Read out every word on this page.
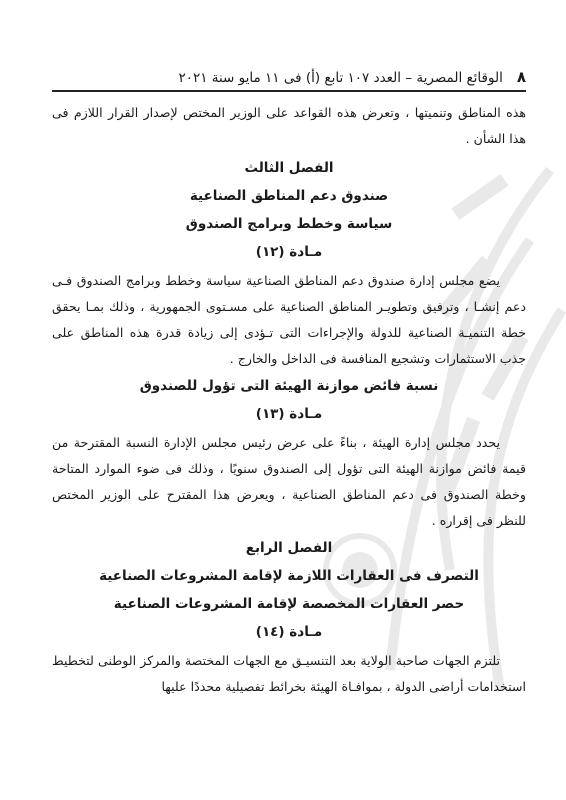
٨
الوقائع المصرية – العدد ١٠٧ تابع (أ) فى ١١ مايو سنة ٢٠٢١

هذه المناطق وتنميتها ، وتعرض هذه القواعد على الوزير المختص لإصدار القرار اللازم فى هذا الشأن .

الفصل الثالث

صندوق دعم المناطق الصناعية

سياسة وخطط وبرامج الصندوق

مـادة (١٢)

يضع مجلس إدارة صندوق دعم المناطق الصناعية سياسة وخطط وبرامج الصندوق فـى دعم إنشـا ، وترفيق وتطويـر المناطق الصناعية على مسـتوى الجمهورية ، وذلك بمـا يحقق خطة التنميـة الصناعية للدولة والإجراءات التى تـؤدى إلى زيادة قدرة هذه المناطق على جذب الاستثمارات وتشجيع المنافسة فى الداخل والخارج .

نسبة فائض موازنة الهيئة التى تؤول للصندوق

مـادة (١٣)

يحدد مجلس إدارة الهيئة ، بناءً على عرض رئيس مجلس الإدارة النسبة المقترحة من قيمة فائض موازنة الهيئة التى تؤول إلى الصندوق سنويًا ، وذلك فى ضوء الموارد المتاحة وخطة الصندوق فى دعم المناطق الصناعية ، ويعرض هذا المقترح على الوزير المختص للنظر فى إقراره .

الفصل الرابع

التصرف فى العقارات اللازمة لإقامة المشروعات الصناعية

حصر العقارات المخصصة لإقامة المشروعات الصناعية

مـادة (١٤)

تلتزم الجهات صاحبة الولاية بعد التنسيـق مع الجهات المختصة والمركز الوطنى لتخطيط استخدامات أراضى الدولة ، بموافـاة الهيئة بخرائط تفصيلية محددًا عليها
